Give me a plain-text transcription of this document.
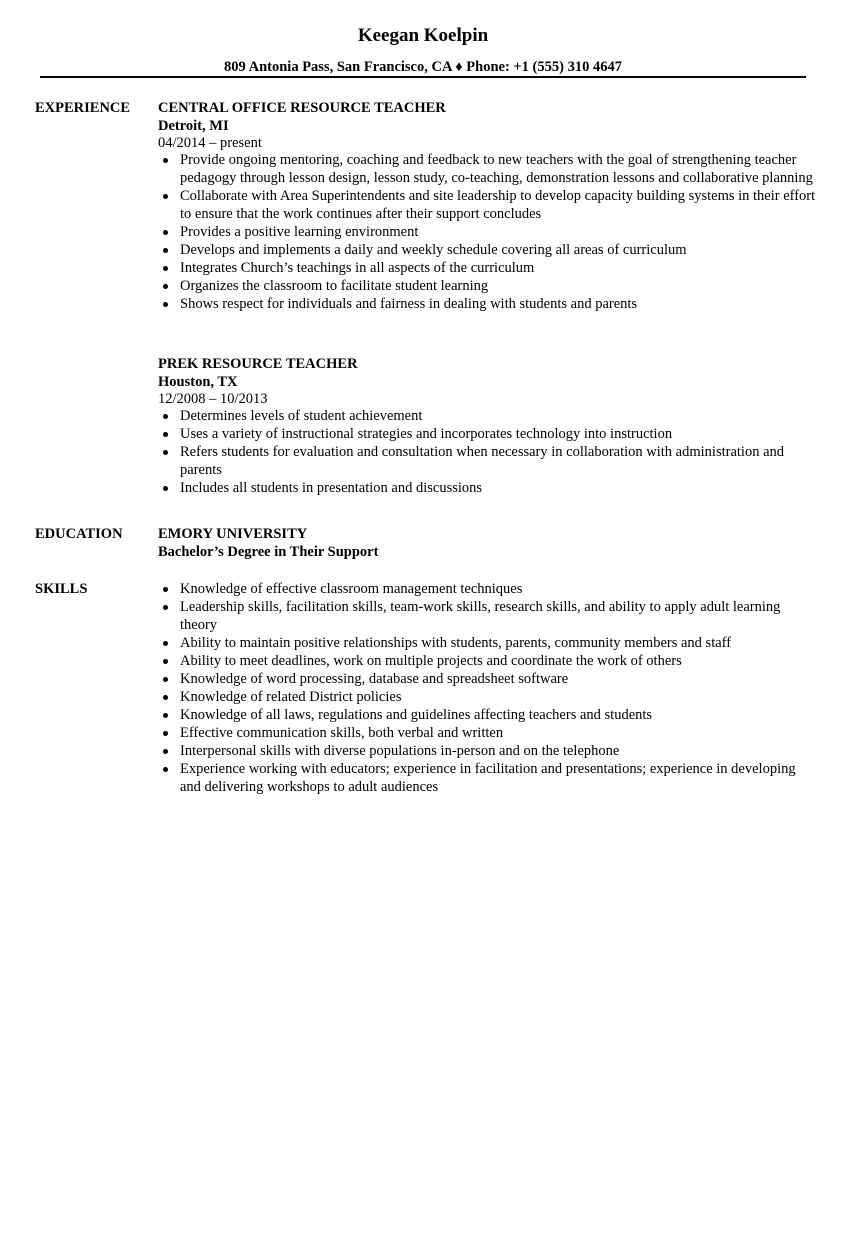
Keegan Koelpin
809 Antonia Pass, San Francisco, CA ♦ Phone: +1 (555) 310 4647
EXPERIENCE CENTRAL OFFICE RESOURCE TEACHER

Detroit, MI

04/2014 – present

Provide ongoing mentoring, coaching and feedback to new teachers with the goal of strengthening teacher pedagogy through lesson design, lesson study, co-teaching, demonstration lessons and collaborative planning
Collaborate with Area Superintendents and site leadership to develop capacity building systems in their effort to ensure that the work continues after their support concludes
Provides a positive learning environment
Develops and implements a daily and weekly schedule covering all areas of curriculum
Integrates Church’s teachings in all aspects of the curriculum
Organizes the classroom to facilitate student learning
Shows respect for individuals and fairness in dealing with students and parents

PREK RESOURCE TEACHER

Houston, TX

12/2008 – 10/2013

Determines levels of student achievement
Uses a variety of instructional strategies and incorporates technology into instruction
Refers students for evaluation and consultation when necessary in collaboration with administration and parents
Includes all students in presentation and discussions
EDUCATION EMORY UNIVERSITY

Bachelor’s Degree in Their Support

SKILLS	Knowledge of effective classroom management techniques
Leadership skills, facilitation skills, team-work skills, research skills, and ability to apply adult learning theory
Ability to maintain positive relationships with students, parents, community members and staff
Ability to meet deadlines, work on multiple projects and coordinate the work of others
Knowledge of word processing, database and spreadsheet software
Knowledge of related District policies
Knowledge of all laws, regulations and guidelines affecting teachers and students
Effective communication skills, both verbal and written
Interpersonal skills with diverse populations in-person and on the telephone
Experience working with educators; experience in facilitation and presentations; experience in developing and delivering workshops to adult audiences
